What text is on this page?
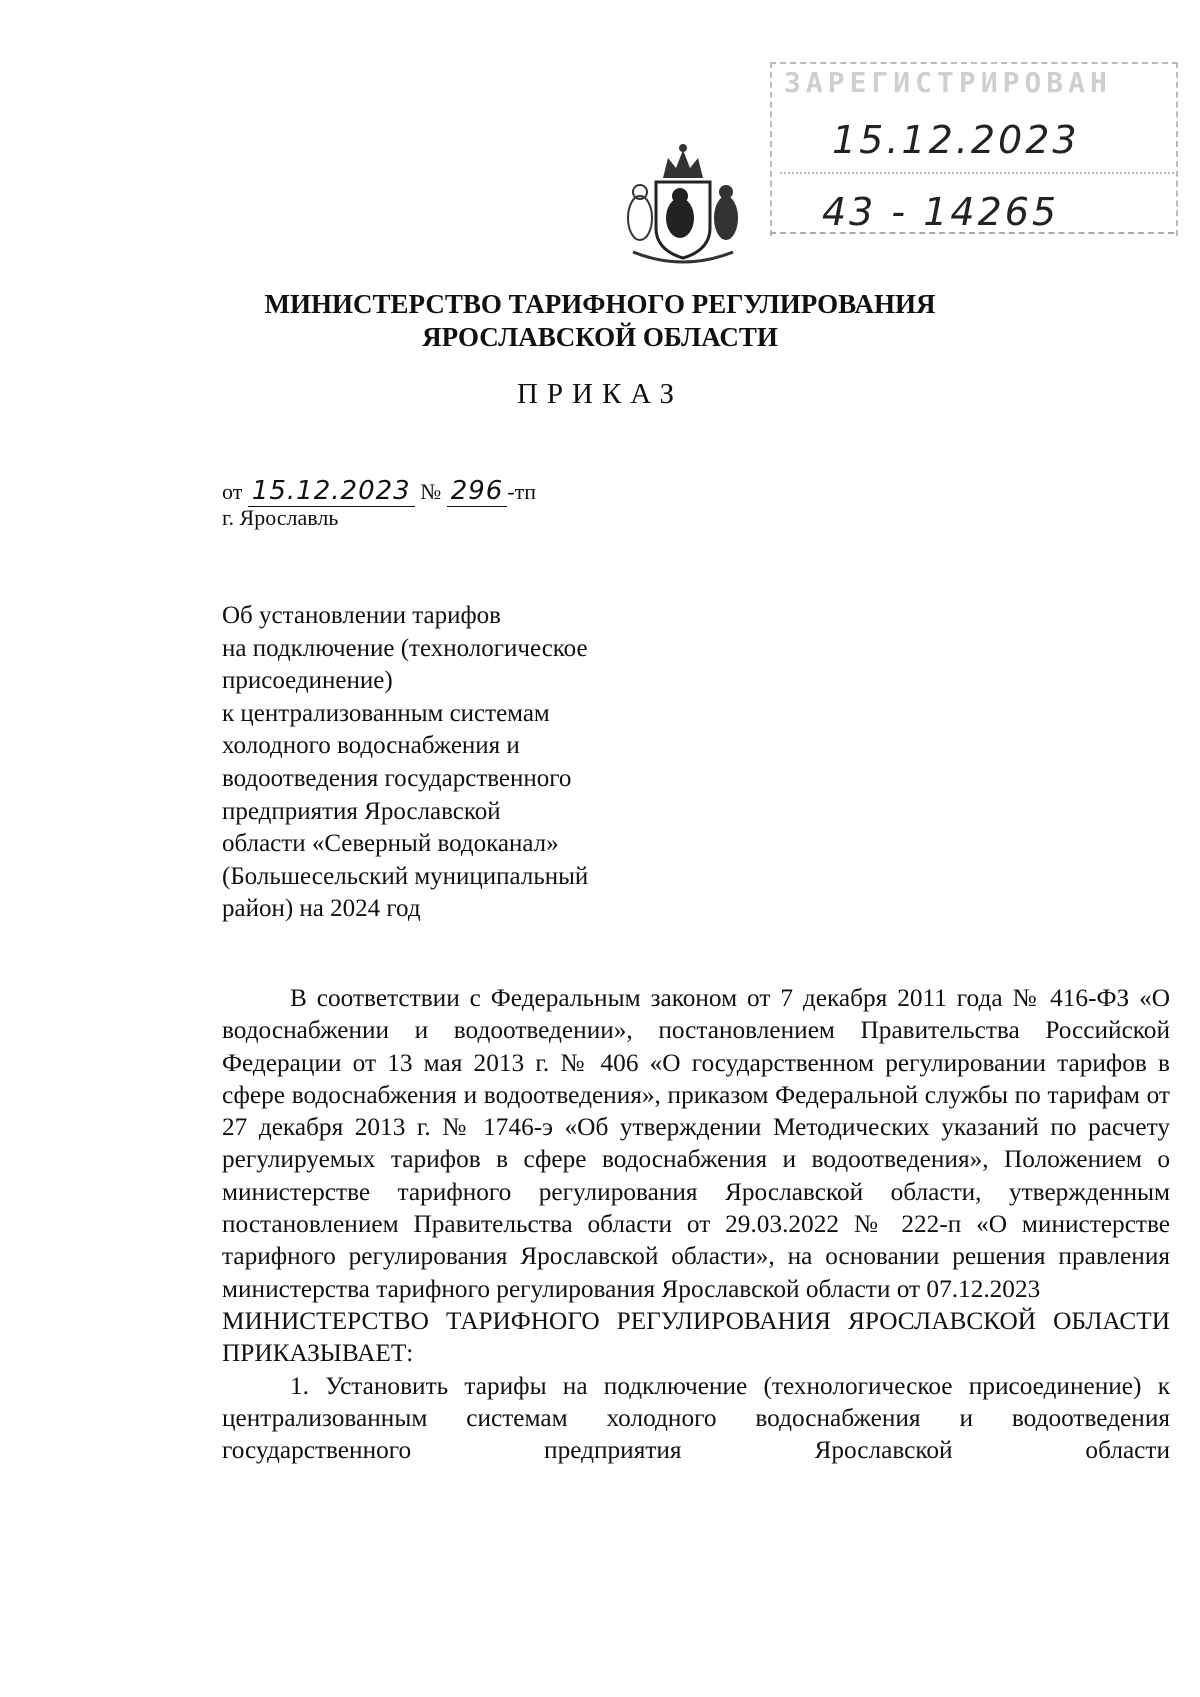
ЗАРЕГИСТРИРОВАН
15.12.2023
43 - 14265
МИНИСТЕРСТВО ТАРИФНОГО РЕГУЛИРОВАНИЯ
ЯРОСЛАВСКОЙ ОБЛАСТИ
ПРИКАЗ
от 15.12.2023 № 296 -тп
г. Ярославль
Об установлении тарифов
на подключение (технологическое
присоединение)
к централизованным системам
холодного водоснабжения и
водоотведения государственного
предприятия Ярославской
области «Северный водоканал»
(Большесельский муниципальный
район) на 2024 год

В соответствии с Федеральным законом от 7 декабря 2011 года № 416-ФЗ «О водоснабжении и водоотведении», постановлением Правительства Российской Федерации от 13 мая 2013 г. № 406 «О государственном регулировании тарифов в сфере водоснабжения и водоотведения», приказом Федеральной службы по тарифам от 27 декабря 2013 г. № 1746-э «Об утверждении Методических указаний по расчету регулируемых тарифов в сфере водоснабжения и водоотведения», Положением о министерстве тарифного регулирования Ярославской области, утвержденным постановлением Правительства области от 29.03.2022 № 222-п «О министерстве тарифного регулирования Ярославской области», на основании решения правления министерства тарифного регулирования Ярославской области от 07.12.2023

МИНИСТЕРСТВО ТАРИФНОГО РЕГУЛИРОВАНИЯ ЯРОСЛАВСКОЙ ОБЛАСТИ ПРИКАЗЫВАЕТ:

1. Установить тарифы на подключение (технологическое присоединение) к централизованным системам холодного водоснабжения и водоотведения государственного предприятия Ярославской области
